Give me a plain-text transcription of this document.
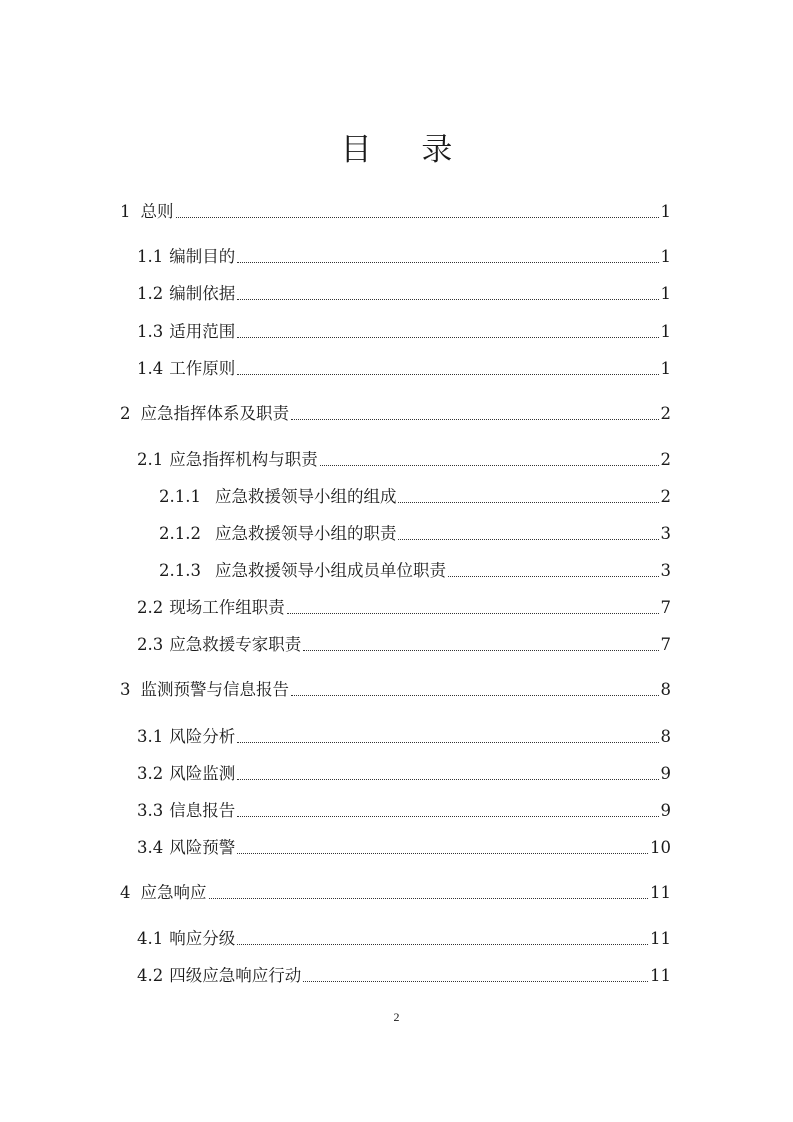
目 录
1 总则	1
1.1 编制目的	1
1.2 编制依据	1
1.3 适用范围	1
1.4 工作原则	1
2 应急指挥体系及职责	2
2.1 应急指挥机构与职责	2
2.1.1 应急救援领导小组的组成	2
2.1.2 应急救援领导小组的职责	3
2.1.3 应急救援领导小组成员单位职责	3
2.2 现场工作组职责	7
2.3 应急救援专家职责	7
3 监测预警与信息报告	8
3.1 风险分析	8
3.2 风险监测	9
3.3 信息报告	9
3.4 风险预警	10
4 应急响应	11
4.1 响应分级	11
4.2 四级应急响应行动	11
2
